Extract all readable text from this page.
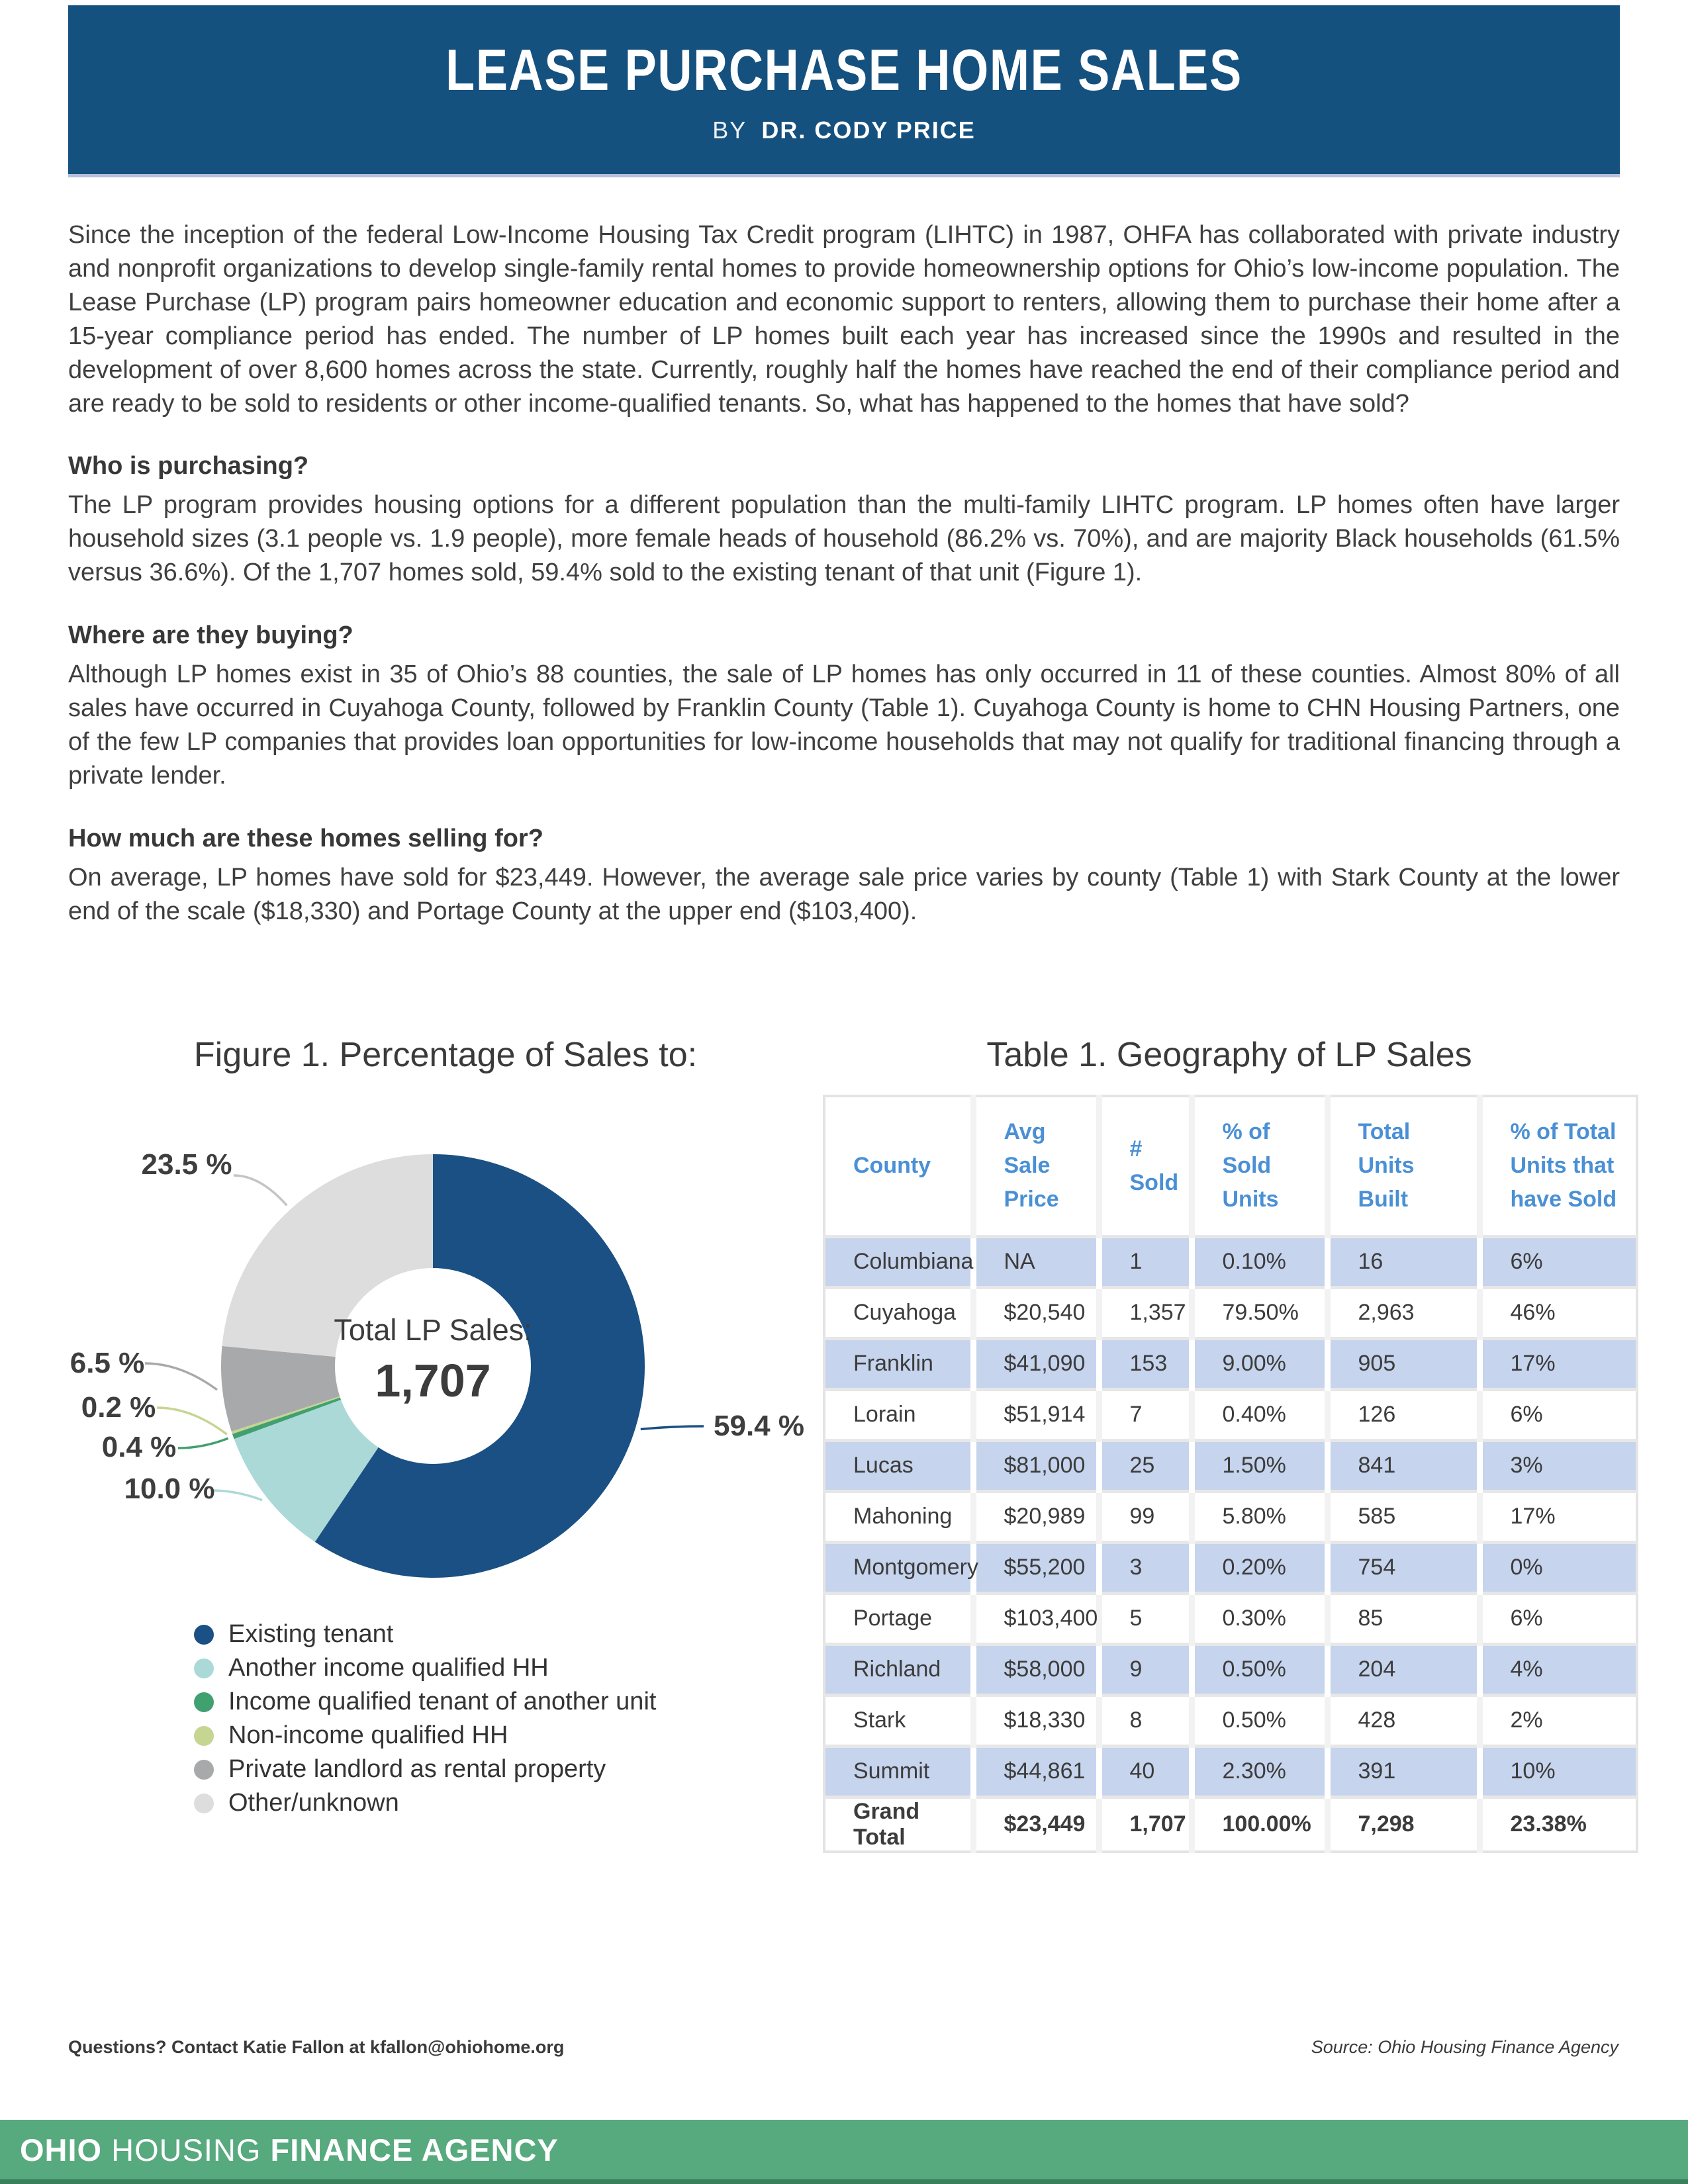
LEASE PURCHASE HOME SALES
BY DR. CODY PRICE

Since the inception of the federal Low-Income Housing Tax Credit program (LIHTC) in 1987, OHFA has collaborated with private industry and nonprofit organizations to develop single-family rental homes to provide homeownership options for Ohio’s low-income population. The Lease Purchase (LP) program pairs homeowner education and economic support to renters, allowing them to purchase their home after a 15-year compliance period has ended. The number of LP homes built each year has increased since the 1990s and resulted in the development of over 8,600 homes across the state. Currently, roughly half the homes have reached the end of their compliance period and are ready to be sold to residents or other income-qualified tenants. So, what has happened to the homes that have sold?

Who is purchasing?

The LP program provides housing options for a different population than the multi-family LIHTC program. LP homes often have larger household sizes (3.1 people vs. 1.9 people), more female heads of household (86.2% vs. 70%), and are majority Black households (61.5% versus 36.6%). Of the 1,707 homes sold, 59.4% sold to the existing tenant of that unit (Figure 1).

Where are they buying?

Although LP homes exist in 35 of Ohio’s 88 counties, the sale of LP homes has only occurred in 11 of these counties. Almost 80% of all sales have occurred in Cuyahoga County, followed by Franklin County (Table 1). Cuyahoga County is home to CHN Housing Partners, one of the few LP companies that provides loan opportunities for low-income households that may not qualify for traditional financing through a private lender.

How much are these homes selling for?

On average, LP homes have sold for $23,449. However, the average sale price varies by county (Table 1) with Stark County at the lower end of the scale ($18,330) and Portage County at the upper end ($103,400).

Figure 1. Percentage of Sales to:
Total LP Sales:
1,707
59.4 %
10.0 %
0.4 %
0.2 %
6.5 %
23.5 %
Existing tenant
Another income qualified HH
Income qualified tenant of another unit
Non-income qualified HH
Private landlord as rental property
Other/unknown
Table 1. Geography of LP Sales
County	Avg Sale Price	# Sold	% of Sold Units	Total Units Built	% of Total Units that have Sold
Columbiana	NA	1	0.10%	16	6%
Cuyahoga	$20,540	1,357	79.50%	2,963	46%
Franklin	$41,090	153	9.00%	905	17%
Lorain	$51,914	7	0.40%	126	6%
Lucas	$81,000	25	1.50%	841	3%
Mahoning	$20,989	99	5.80%	585	17%
Montgomery	$55,200	3	0.20%	754	0%
Portage	$103,400	5	0.30%	85	6%
Richland	$58,000	9	0.50%	204	4%
Stark	$18,330	8	0.50%	428	2%
Summit	$44,861	40	2.30%	391	10%
Grand Total	$23,449	1,707	100.00%	7,298	23.38%
Questions? Contact Katie Fallon at kfallon@ohiohome.org	Source: Ohio Housing Finance Agency
OHIO HOUSING FINANCE AGENCY
